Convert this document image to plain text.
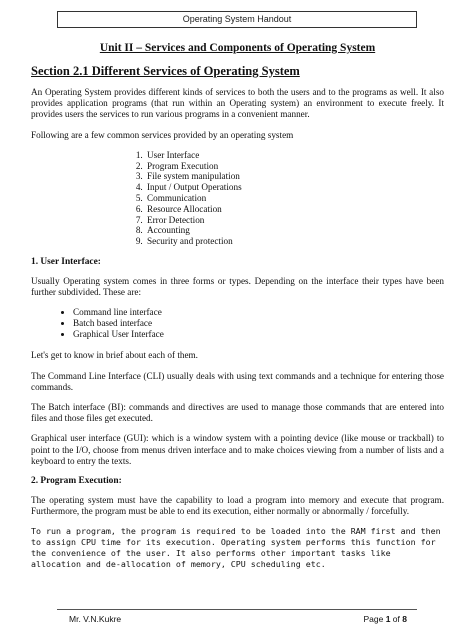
Operating System Handout
Unit II – Services and Components of Operating System
Section 2.1 Different Services of Operating System

An Operating System provides different kinds of services to both the users and to the programs as well. It also provides application programs (that run within an Operating system) an environment to execute freely. It provides users the services to run various programs in a convenient manner.

Following are a few common services provided by an operating system

1. User Interface
2. Program Execution
3. File system manipulation
4. Input / Output Operations
5. Communication
6. Resource Allocation
7. Error Detection
8. Accounting
9. Security and protection
1. User Interface:

Usually Operating system comes in three forms or types. Depending on the interface their types have been further subdivided. These are:

• Command line interface
• Batch based interface
• Graphical User Interface

Let's get to know in brief about each of them.

The Command Line Interface (CLI) usually deals with using text commands and a technique for entering those commands.

The Batch interface (BI): commands and directives are used to manage those commands that are entered into files and those files get executed.

Graphical user interface (GUI): which is a window system with a pointing device (like mouse or trackball) to point to the I/O, choose from menus driven interface and to make choices viewing from a number of lists and a keyboard to entry the texts.

2. Program Execution:

The operating system must have the capability to load a program into memory and execute that program. Furthermore, the program must be able to end its execution, either normally or abnormally / forcefully.

To run a program, the program is required to be loaded into the RAM first and then to assign CPU time for its execution. Operating system performs this function for the convenience of the user. It also performs other important tasks like allocation and de-allocation of memory, CPU scheduling etc.

Mr. V.N.Kukre	Page 1 of 8
